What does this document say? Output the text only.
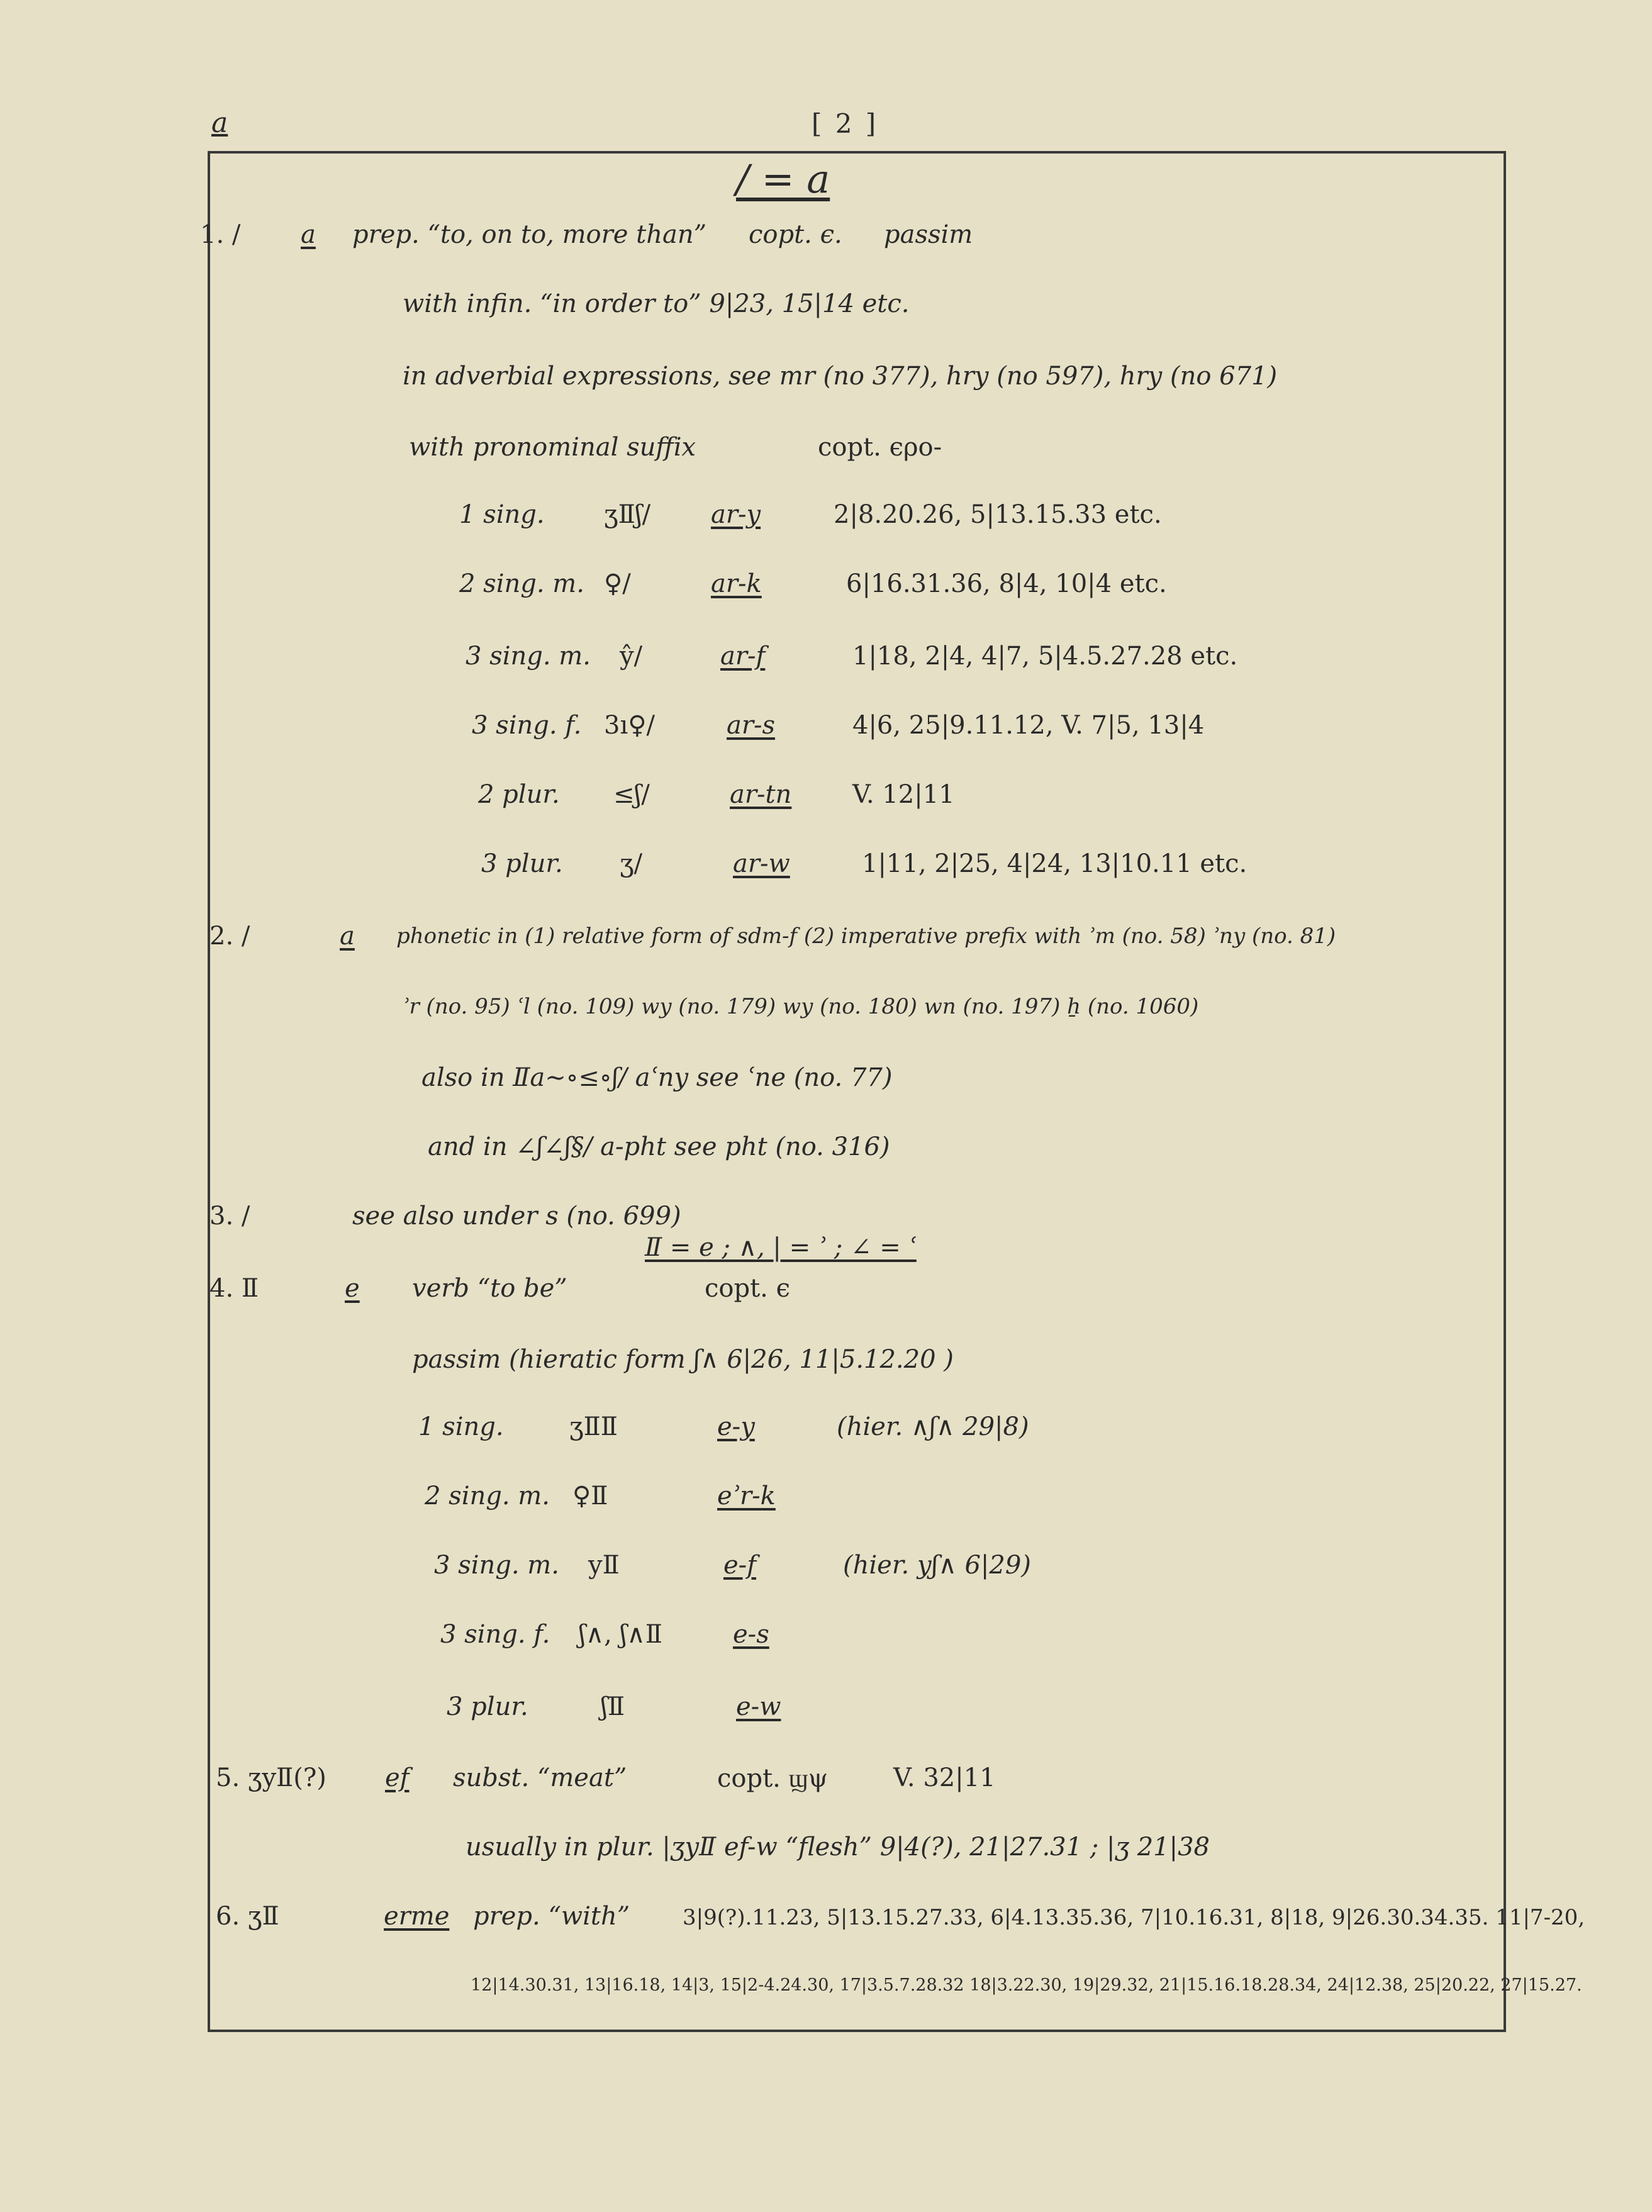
a	[ 2 ]
/ = a
1. / a prep. “to, on to, more than” copt. ϵ. passim
with infin. “in order to” 9|23, 15|14 etc.
in adverbial expressions, see mr (no 377), hry (no 597), hry (no 671)
with pronominal suffix	copt. ϵρο-
1 sing. ʒⅡʃ/ ar-y	2|8.20.26, 5|13.15.33 etc.
2 sing. m. ♀/	ar-k	6|16.31.36, 8|4, 10|4 etc.
3 sing. m. ŷ/	ar-f	1|18, 2|4, 4|7, 5|4.5.27.28 etc.
3 sing. f. 3ı♀/	ar-s	4|6, 25|9.11.12, V. 7|5, 13|4
2 plur. ≤ʃ/	ar-tn V. 12|11
3 plur. ʒ/	ar-w	1|11, 2|25, 4|24, 13|10.11 etc.
2. /	a phonetic in (1) relative form of sdm-f (2) imperative prefix with ʾm (no. 58) ʾny (no. 81)
ʾr (no. 95) ʿl (no. 109) wy (no. 179) wy (no. 180) wn (no. 197) ẖ (no. 1060)
also in Ⅱа∼∘≤∘ʃ/ aʿny see ʿne (no. 77)
and in ∠ʃ∠ʃ§/ a-pht see pht (no. 316)
3. /	see also under s (no. 699)
Ⅱ = e ; ∧, | = ʾ ; ∠ = ʿ
4. Ⅱ	e verb “to be”	copt. ϵ
passim (hieratic form ʃ∧ 6|26, 11|5.12.20 )
1 sing.	ʒⅡⅡ	e-y	(hier. ∧ʃ∧ 29|8)
2 sing. m. ♀Ⅱ	eʾr-k
3 sing. m. yⅡ	e-f	(hier. yʃ∧ 6|29)
3 sing. f. ʃ∧, ʃ∧Ⅱ	e-s
3 plur.	ʃⅡ	e-w
5. ʒyⅡ(?) ef subst. “meat”	copt. ϣψ	V. 32|11
usually in plur. |ʒyⅡ ef-w “flesh” 9|4(?), 21|27.31 ; |ʒ 21|38
6. ʒⅡ	erme prep. “with” 3|9(?).11.23, 5|13.15.27.33, 6|4.13.35.36, 7|10.16.31, 8|18, 9|26.30.34.35. 11|7-20,
12|14.30.31, 13|16.18, 14|3, 15|2-4.24.30, 17|3.5.7.28.32 18|3.22.30, 19|29.32, 21|15.16.18.28.34, 24|12.38, 25|20.22, 27|15.27.
